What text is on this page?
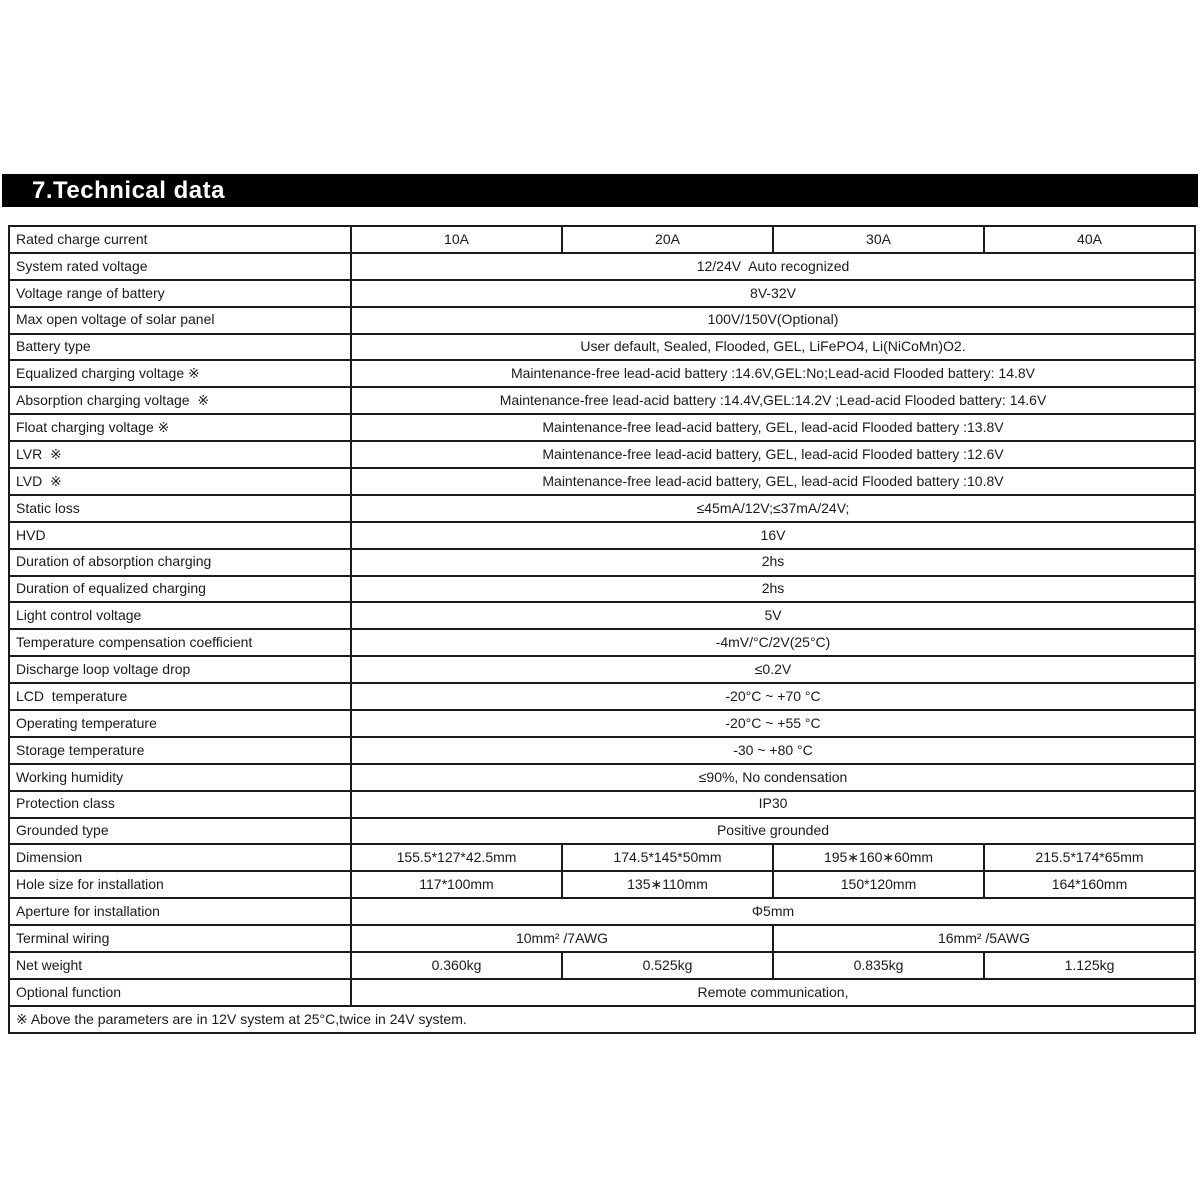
7.Technical data
Rated charge current	10A	20A	30A	40A
System rated voltage	12/24V  Auto recognized			
Voltage range of battery	8V-32V			
Max open voltage of solar panel	100V/150V(Optional)			
Battery type	User default, Sealed, Flooded, GEL, LiFePO4, Li(NiCoMn)O2.			
Equalized charging voltage ※	Maintenance-free lead-acid battery :14.6V,GEL:No;Lead-acid Flooded battery: 14.8V			
Absorption charging voltage  ※	Maintenance-free lead-acid battery :14.4V,GEL:14.2V ;Lead-acid Flooded battery: 14.6V			
Float charging voltage ※	Maintenance-free lead-acid battery, GEL, lead-acid Flooded battery :13.8V			
LVR  ※	Maintenance-free lead-acid battery, GEL, lead-acid Flooded battery :12.6V			
LVD  ※	Maintenance-free lead-acid battery, GEL, lead-acid Flooded battery :10.8V			
Static loss	≤45mA/12V;≤37mA/24V;			
HVD	16V			
Duration of absorption charging	2hs			
Duration of equalized charging	2hs			
Light control voltage	5V			
Temperature compensation coefficient	-4mV/°C/2V(25°C)			
Discharge loop voltage drop	≤0.2V			
LCD  temperature	-20°C ~ +70 °C			
Operating temperature	-20°C ~ +55 °C			
Storage temperature	-30 ~ +80 °C			
Working humidity	≤90%, No condensation			
Protection class	IP30			
Grounded type	Positive grounded			
Dimension	155.5*127*42.5mm	174.5*145*50mm	195∗160∗60mm	215.5*174*65mm
Hole size for installation	117*100mm	135∗110mm	150*120mm	164*160mm
Aperture for installation	Φ5mm			
Terminal wiring	10mm² /7AWG		16mm² /5AWG	
Net weight	0.360kg	0.525kg	0.835kg	1.125kg
Optional function	Remote communication,			
※ Above the parameters are in 12V system at 25°C,twice in 24V system.				
